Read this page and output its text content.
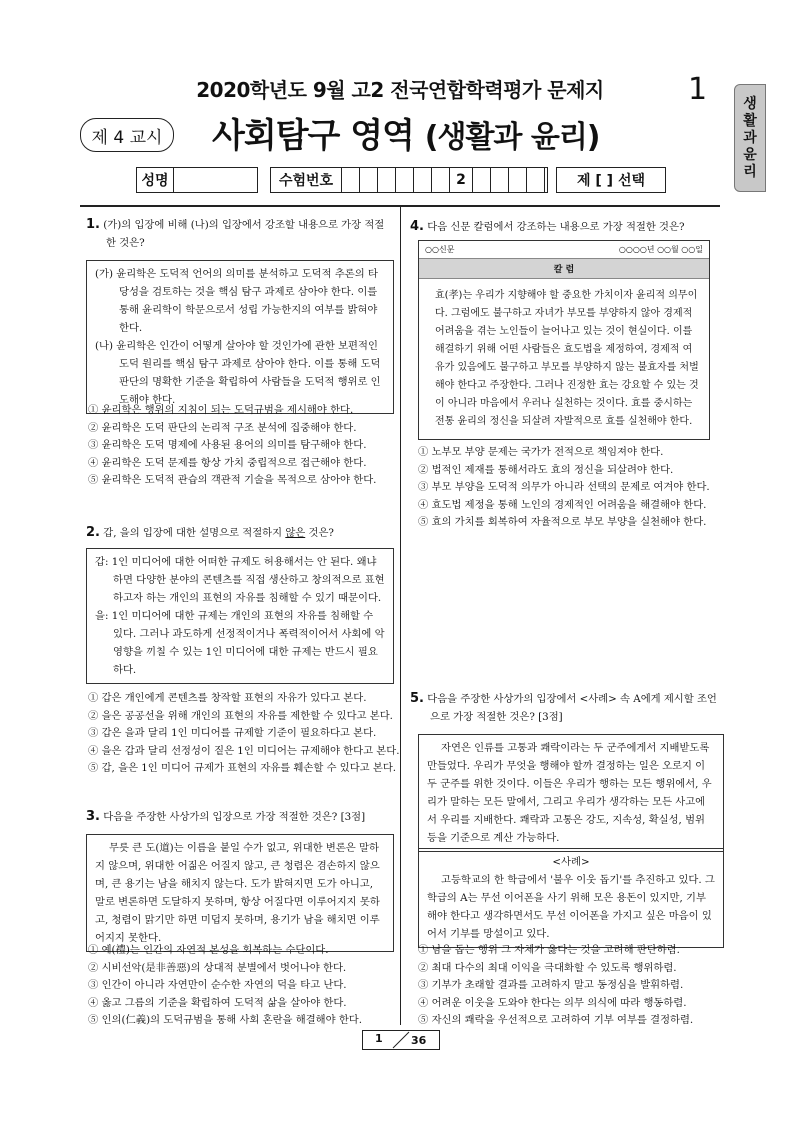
2020학년도 9월 고2 전국연합학력평가 문제지	1	생
활
과
윤
리
제 4 교시	사회탐구 영역 (생활과 윤리)
성명	수험번호	2	제 [ ] 선택
1. (가)의 입장에 비해 (나)의 입장에서 강조할 내용으로 가장 적절한 것은?
(가) 윤리학은 도덕적 언어의 의미를 분석하고 도덕적 추론의 타당성을 검토하는 것을 핵심 탐구 과제로 삼아야 한다. 이를 통해 윤리학이 학문으로서 성립 가능한지의 여부를 밝혀야 한다.
(나) 윤리학은 인간이 어떻게 살아야 할 것인가에 관한 보편적인 도덕 원리를 핵심 탐구 과제로 삼아야 한다. 이를 통해 도덕 판단의 명확한 기준을 확립하여 사람들을 도덕적 행위로 인도해야 한다.
① 윤리학은 행위의 지침이 되는 도덕규범을 제시해야 한다.
② 윤리학은 도덕 판단의 논리적 구조 분석에 집중해야 한다.
③ 윤리학은 도덕 명제에 사용된 용어의 의미를 탐구해야 한다.
④ 윤리학은 도덕 문제를 항상 가치 중립적으로 접근해야 한다.
⑤ 윤리학은 도덕적 관습의 객관적 기술을 목적으로 삼아야 한다.
2. 갑, 을의 입장에 대한 설명으로 적절하지 않은 것은?
갑: 1인 미디어에 대한 어떠한 규제도 허용해서는 안 된다. 왜냐하면 다양한 분야의 콘텐츠를 직접 생산하고 창의적으로 표현하고자 하는 개인의 표현의 자유를 침해할 수 있기 때문이다.
을: 1인 미디어에 대한 규제는 개인의 표현의 자유를 침해할 수 있다. 그러나 과도하게 선정적이거나 폭력적이어서 사회에 악영향을 끼칠 수 있는 1인 미디어에 대한 규제는 반드시 필요하다.
① 갑은 개인에게 콘텐츠를 창작할 표현의 자유가 있다고 본다.
② 을은 공공선을 위해 개인의 표현의 자유를 제한할 수 있다고 본다.
③ 갑은 을과 달리 1인 미디어를 규제할 기준이 필요하다고 본다.
④ 을은 갑과 달리 선정성이 짙은 1인 미디어는 규제해야 한다고 본다.
⑤ 갑, 을은 1인 미디어 규제가 표현의 자유를 훼손할 수 있다고 본다.
3. 다음을 주장한 사상가의 입장으로 가장 적절한 것은? [3점]
무릇 큰 도(道)는 이름을 붙일 수가 없고, 위대한 변론은 말하지 않으며, 위대한 어짊은 어질지 않고, 큰 청렴은 겸손하지 않으며, 큰 용기는 남을 해치지 않는다. 도가 밝혀지면 도가 아니고, 말로 변론하면 도달하지 못하며, 항상 어질다면 이루어지지 못하고, 청렴이 맑기만 하면 미덥지 못하며, 용기가 남을 해치면 이루어지지 못한다.
① 예(禮)는 인간의 자연적 본성을 회복하는 수단이다.
② 시비선악(是非善惡)의 상대적 분별에서 벗어나야 한다.
③ 인간이 아니라 자연만이 순수한 자연의 덕을 타고 난다.
④ 옳고 그름의 기준을 확립하여 도덕적 삶을 살아야 한다.
⑤ 인의(仁義)의 도덕규범을 통해 사회 혼란을 해결해야 한다.
4. 다음 신문 칼럼에서 강조하는 내용으로 가장 적절한 것은?
○○신문	○○○○년 ○○월 ○○일
칼 럼
효(孝)는 우리가 지향해야 할 중요한 가치이자 윤리적 의무이다. 그럼에도 불구하고 자녀가 부모를 부양하지 않아 경제적 어려움을 겪는 노인들이 늘어나고 있는 것이 현실이다. 이를 해결하기 위해 어떤 사람들은 효도법을 제정하여, 경제적 여유가 있음에도 불구하고 부모를 부양하지 않는 불효자를 처벌해야 한다고 주장한다. 그러나 진정한 효는 강요할 수 있는 것이 아니라 마음에서 우러나 실천하는 것이다. 효를 중시하는 전통 윤리의 정신을 되살려 자발적으로 효를 실천해야 한다.
① 노부모 부양 문제는 국가가 전적으로 책임져야 한다.
② 법적인 제재를 통해서라도 효의 정신을 되살려야 한다.
③ 부모 부양을 도덕적 의무가 아니라 선택의 문제로 여겨야 한다.
④ 효도법 제정을 통해 노인의 경제적인 어려움을 해결해야 한다.
⑤ 효의 가치를 회복하여 자율적으로 부모 부양을 실천해야 한다.
5. 다음을 주장한 사상가의 입장에서 <사례> 속 A에게 제시할 조언으로 가장 적절한 것은? [3점]
자연은 인류를 고통과 쾌락이라는 두 군주에게서 지배받도록 만들었다. 우리가 무엇을 행해야 할까 결정하는 일은 오로지 이 두 군주를 위한 것이다. 이들은 우리가 행하는 모든 행위에서, 우리가 말하는 모든 말에서, 그리고 우리가 생각하는 모든 사고에서 우리를 지배한다. 쾌락과 고통은 강도, 지속성, 확실성, 범위 등을 기준으로 계산 가능하다.
<사례>
고등학교의 한 학급에서 '불우 이웃 돕기'를 추진하고 있다. 그 학급의 A는 무선 이어폰을 사기 위해 모은 용돈이 있지만, 기부해야 한다고 생각하면서도 무선 이어폰을 가지고 싶은 마음이 있어서 기부를 망설이고 있다.
① 남을 돕는 행위 그 자체가 옳다는 것을 고려해 판단하렴.
② 최대 다수의 최대 이익을 극대화할 수 있도록 행위하렴.
③ 기부가 초래할 결과를 고려하지 말고 동정심을 발휘하렴.
④ 어려운 이웃을 도와야 한다는 의무 의식에 따라 행동하렴.
⑤ 자신의 쾌락을 우선적으로 고려하여 기부 여부를 결정하렴.
1	36
